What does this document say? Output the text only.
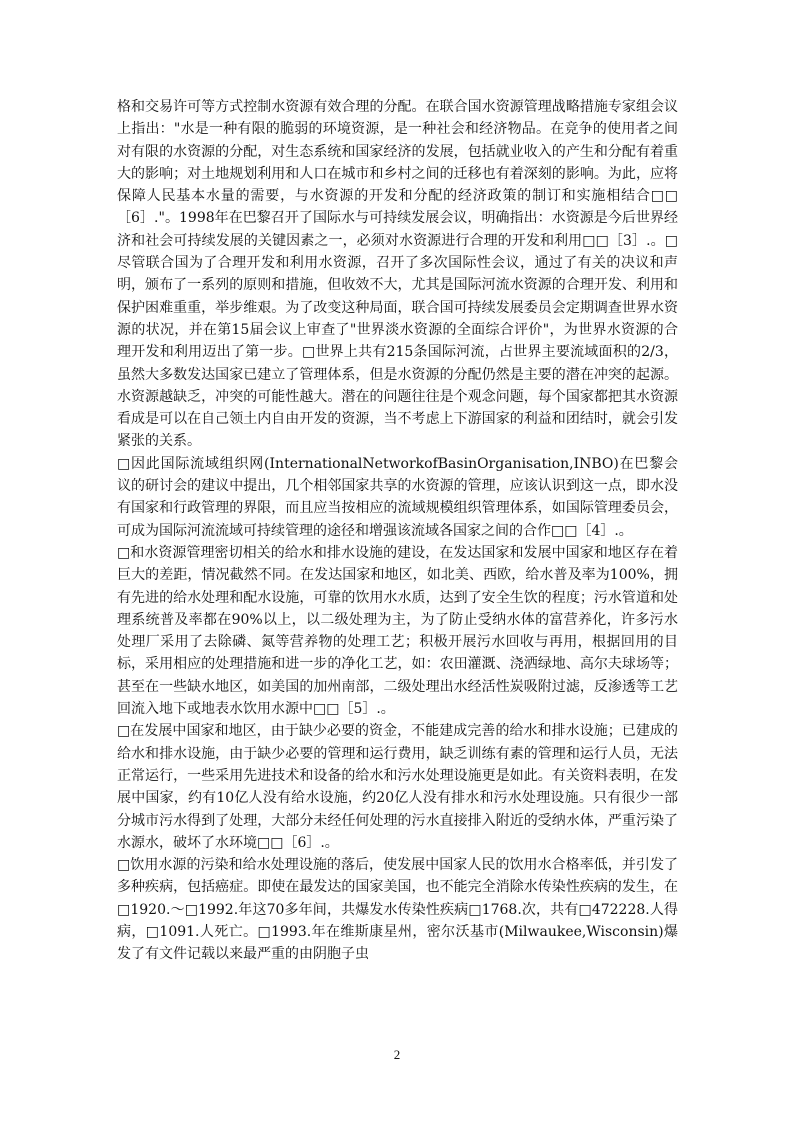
格和交易许可等方式控制水资源有效合理的分配。在联合国水资源管理战略措施专家组会议上指出："水是一种有限的脆弱的环境资源，是一种社会和经济物品。在竞争的使用者之间对有限的水资源的分配，对生态系统和国家经济的发展，包括就业收入的产生和分配有着重大的影响；对土地规划利用和人口在城市和乡村之间的迁移也有着深刻的影响。为此，应将保障人民基本水量的需要，与水资源的开发和分配的经济政策的制订和实施相结合□□［6］."。1998年在巴黎召开了国际水与可持续发展会议，明确指出：水资源是今后世界经济和社会可持续发展的关键因素之一，必须对水资源进行合理的开发和利用□□［3］.。□尽管联合国为了合理开发和利用水资源，召开了多次国际性会议，通过了有关的决议和声明，颁布了一系列的原则和措施，但收效不大，尤其是国际河流水资源的合理开发、利用和保护困难重重，举步维艰。为了改变这种局面，联合国可持续发展委员会定期调查世界水资源的状况，并在第15届会议上审查了"世界淡水资源的全面综合评价"，为世界水资源的合理开发和利用迈出了第一步。□世界上共有215条国际河流，占世界主要流域面积的2/3，虽然大多数发达国家已建立了管理体系，但是水资源的分配仍然是主要的潜在冲突的起源。水资源越缺乏，冲突的可能性越大。潜在的问题往往是个观念问题，每个国家都把其水资源看成是可以在自己领土内自由开发的资源，当不考虑上下游国家的利益和团结时，就会引发紧张的关系。

□因此国际流域组织网(InternationalNetworkofBasinOrganisation,INBO)在巴黎会议的研讨会的建议中提出，几个相邻国家共享的水资源的管理，应该认识到这一点，即水没有国家和行政管理的界限，而且应当按相应的流域规模组织管理体系，如国际管理委员会，可成为国际河流流域可持续管理的途径和增强该流域各国家之间的合作□□［4］.。

□和水资源管理密切相关的给水和排水设施的建设，在发达国家和发展中国家和地区存在着巨大的差距，情况截然不同。在发达国家和地区，如北美、西欧，给水普及率为100%，拥有先进的给水处理和配水设施，可靠的饮用水水质，达到了安全生饮的程度；污水管道和处理系统普及率都在90%以上，以二级处理为主，为了防止受纳水体的富营养化，许多污水处理厂采用了去除磷、氮等营养物的处理工艺；积极开展污水回收与再用，根据回用的目标，采用相应的处理措施和进一步的净化工艺，如：农田灌溉、浇洒绿地、高尔夫球场等；甚至在一些缺水地区，如美国的加州南部，二级处理出水经活性炭吸附过滤，反渗透等工艺回流入地下或地表水饮用水源中□□［5］.。

□在发展中国家和地区，由于缺少必要的资金，不能建成完善的给水和排水设施；已建成的给水和排水设施，由于缺少必要的管理和运行费用，缺乏训练有素的管理和运行人员，无法正常运行，一些采用先进技术和设备的给水和污水处理设施更是如此。有关资料表明，在发展中国家，约有10亿人没有给水设施，约20亿人没有排水和污水处理设施。只有很少一部分城市污水得到了处理，大部分未经任何处理的污水直接排入附近的受纳水体，严重污染了水源水，破坏了水环境□□［6］.。

□饮用水源的污染和给水处理设施的落后，使发展中国家人民的饮用水合格率低，并引发了多种疾病，包括癌症。即使在最发达的国家美国，也不能完全消除水传染性疾病的发生，在□1920.～□1992.年这70多年间，共爆发水传染性疾病□1768.次，共有□472228.人得病，□1091.人死亡。□1993.年在维斯康星州，密尔沃基市(Milwaukee,Wisconsin)爆发了有文件记载以来最严重的由阴胞子虫

2
